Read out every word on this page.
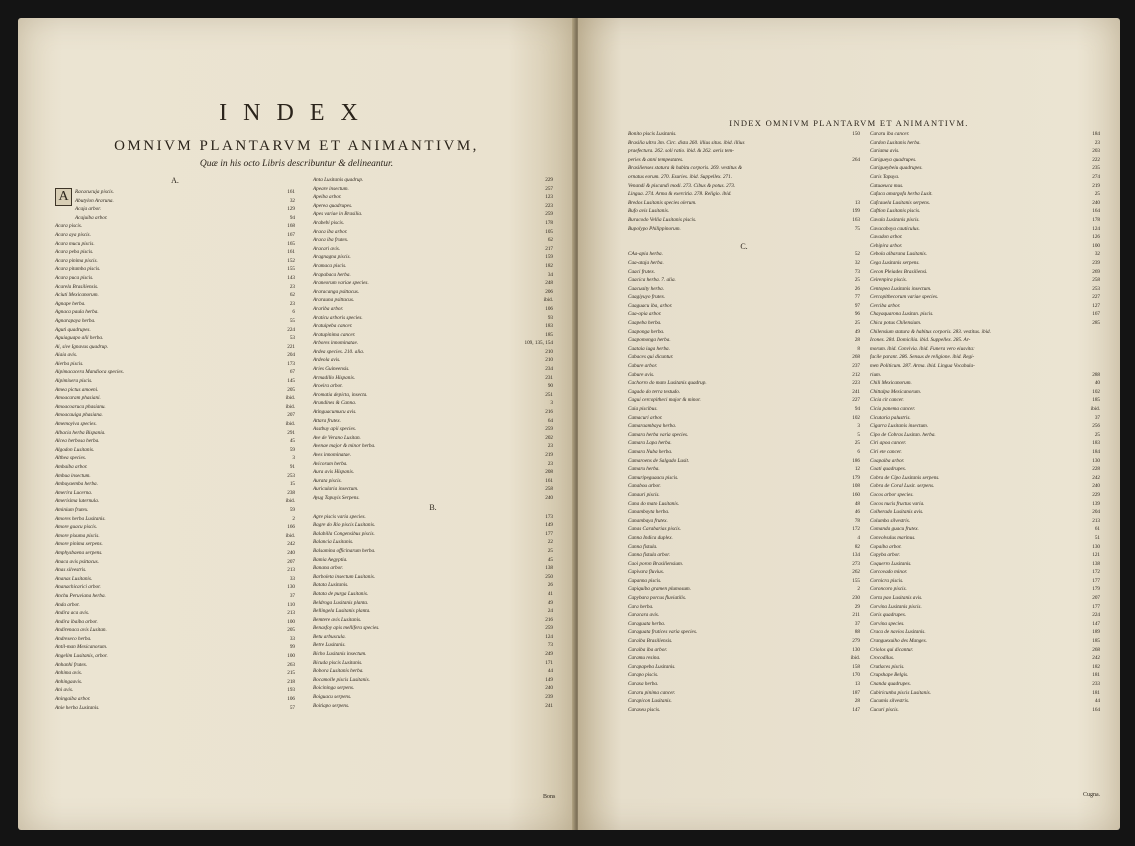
INDEX
OMNIVM PLANTARVM ET ANIMANTIVM,
Quæ in his octo Libris describuntur & delineantur.
A.
A	Racacucuja piscis.	161
Abutylon Araruna.	32
Acaja arbor.	129
Acajuiba arbor.	94
Acara piscis.	168
Acara aya piscis.	167
Acara mucu piscis.	165
Acara peba piscis.	161
Acara pinima piscis.	152
Acara pitamba piscis.	155
Acara puca piscis.	143
Acarela Brasiliensis.	23
Aciuti Mexicanorum.	62
Agnape herba.	23
Agnaca paula herba.	6
Agnarapaya herba.	55
Aguti quadrupes.	224
Aguiaguapo alii herba.	53
Ai, sive Ignavus quadrup.	221
Aiaia avis.	204
Aierba piscis.	173
Aipimacacera Mandioca species.	67
Aipimixera piscis.	145
Amea pictus amoeni.	205
Amoacaram phasiani.	ibid.
Amoacoaruca phasianu.	ibid.
Amoacauiga phasiana.	207
Amemoyiva species.	ibid.
Albacia herba Bispania.	291
Alcea herbosa herba.	45
Algodon Lusitanis.	59
Althea species.	3
Ambaiba arbor.	91
Ambua insectum.	253
Ambuyaemba herba.	15
Amerira Lucerna.	238
Amerisima luternula.	ibid.
Aminium frutex.	59
Amores herba Lusitanis.	2
Amore guacu piscis.	166
Amore pixuma piscis.	ibid.
Amore pinima serpens.	242
Amphysbaena serpens.	240
Anaca avis psittacus.	207
Anas silvestris.	213
Ananas Lusitanis.	33
Ananachicarici arbor.	130
Anchu Peruviana herba.	37
Anda arbor.	110
Andira aca avis.	213
Andira ibaiba arbor.	100
Andirenaca avis Lusitan.	205
Andreseco herba.	33
Antil-man Mexicanorum.	99
Angelim Lusitanis, arbor.	100
Anhanhi frutex.	263
Anhima avis.	215
Anhingaavis.	218
Ani avis.	193
Aningaiba arbor.	106
Anie herba Lusitanis.	57
Anta Lusitanis quadrup.	229
Apeare insectum.	257
Apeiba arbor.	123
Aperea quadrupes.	223
Apes variae in Brasilia.	259
Arabebi piscis.	178
Araca iba arbor.	105
Araca iba frutex.	62
Aracari avis.	217
Aragnagna piscis.	159
Aramaca piscis.	182
Arapabaca herba.	34
Araneorum variae species.	248
Araracanga psittacus.	206
Ararauna psittacus.	ibid.
Arariba arbor.	106
Araticu arboris species.	93
Aratuipeba cancer.	183
Aratupinima cancer.	185
Arbores innominatae.	109, 135, 154
Ardea species. 210. alia.	210
Ardeola avis.	210
Aries Guineensis.	234
Armadillo Hispanis.	231
Aroeira arbor.	90
Aromatia depicta, insecta.	251
Arundines & Canna.	3
Atinguacumucu avis.	216
Attara frutex.	64
Asstbuy apii species.	259
Ave de Verano Lusitan.	202
Avenae major & minor herba.	23
Aves innominatae.	219
Avicorum herba.	23
Aura avis Hispanis.	208
Aurata piscis.	161
Auricularia insectum.	258
Ayug Tapuyis Serpens.	240
B.
Agre piscis varia species.	173
Bagre do Rio piscis Lusitanis.	149
Balabilla Congensibus piscis.	177
Balancia Lusitanis.	22
Balsamina officinarum herba.	25
Bamia Aegyptia.	45
Banana arbor.	138
Barboleta insectum Lusitanis.	250
Batata Lusitanis.	26
Batata de purga Lusitanis.	41
Beldroga Lusitanis planta.	49
Bellingela Lusitanis planta.	24
Bemtere avis Lusitanis.	216
Benasfoy apis mellifera species.	259
Betu arbuscula.	124
Betre Lusitanis.	73
Bicho Lusitanis insectum.	249
Bicuda piscis Lusitanis.	171
Bobora Lusitanis herba.	44
Bocamolle piscis Lusitanis.	149
Boicininga serpens.	240
Boiguacu serpens.	239
Boitiapo serpens.	241
Bons
INDEX OMNIVM PLANTARVM ET ANIMANTIVM.
Bonito piscis Lusitanis.	150
Brasilia ultra 3m. Circ. dista 260. illius situs. ibid. illius
praefectura. 262. soli ratio. ibid. & 262. aeris tem-
peries & anni tempestates.	264
Brasilienses statura & habitu corporis. 269. vestitus &
ornatus eorum. 270. Esuries. ibid. Suppellex. 271.
Venandi & piscandi modi. 273. Cibus & potus. 273.
Lingua. 274. Arma & exercitia. 278. Religio. ibid.
Bredos Lusitanis species olerum.	13
Bufo avis Lusitanis.	199
Buracodo Vellia Lusitanis piscis.	163
Bupolypo Philippinorum.	75
CAa-apia herba.	52
Caa-ataja herba.	32
Caaci frutex.	73
Caacica herba. 7. alia.	25
Caacuaity herba.	26
Caagiyuyo frutex.	77
Caaguacu iba, arbor.	97
Caa-opia arbor.	96
Caapeba herba.	25
Caaponga herba.	49
Caapomonga herba.	28
Caataia iuga herba.	8
Cabaces qui dicuntur.	268
Cabure arbor.	237
Cabure avis.	212
Cachorro do mato Lusitanis quadrup.	223
Cagado do terra testudo.	241
Cagui cercopitheci major & minor.	227
Caia piscibus.	94
Camacuri arbor.	102
Camaraambaya herba.	3
Camara herba varia species.	5
Camara Lapa herba.	25
Camara Nuba herba.	6
Camaroens de Salgado Lusit.	186
Camaru herba.	12
Camuripeguaacu piscis.	179
Canabou arbor.	108
Canauri piscis.	160
Cana do mato Lusitanis.	48
Canamboyta herba.	46
Canambaya frutex.	78
Canas Carabarias piscis.	172
Canna Indica duplex.	4
Canna fistula.	82
Canna fistula arbor.	134
Caoi poron Brasiliensium.	273
Capivara fluvius.	262
Capanna piscis.	155
Capiquiba gramen plumosum.	2
Capybara porcus fluviatilis.	230
Cara herba.	29
Caracara avis.	211
Caraguata herba.	37
Caraguata frutices varia species.	88
Caraiba Brasiliensis.	279
Caraiba iba arbor.	130
Caramu resina.	ibid.
Carapapeba Lusitanis.	158
Carapo piscis.	170
Caraxa herba.	13
Cararu pinima cancer.	187
Carapicon Lusitanis.	28
Caraxeu piscis.	147
C.
Cararu iba cancer.	184
Cardon Lusitanis herba.	23
Cariama avis.	203
Carigueya quadrupes.	222
Carigueybeiu quadrupes.	235
Caris Tapuya.	274
Catuaeuca mus.	219
Cafaca amargofa herba Lusit.	25
Cafcauela Lusitanis serpens.	240
Caftlon Lusitanis piscis.	164
Cavala Lusitanis piscis.	178
Cavacaboya cauticulus.	124
Cavadon arbor.	126
Cebipira arbor.	100
Cebola albarana Lusitanis.	32
Cega Lusitanis serpens.	239
Cecon Pleiades Brasiliensi.	269
Ceirenpira piscis.	258
Centopea Lusitanis insectum.	253
Cercopithecorum variae species.	227
Cerciba arbor.	127
Chayaquarona Lusitan. piscis.	167
Chica potus Chilensium.	285
Chilensium statura & habitus corporis. 283. vestitus. ibid.
Icones. 284. Domicilia. ibid. Suppellex. 285. Ar-
morum. ibid. Convivia. ibid. Funera vero eiusvita:
facile parant. 286. Sensus de religione. ibid. Regi-
men Politicum. 287. Arma. ibid. Lingua Vocabula-
rium.	288
Chili Mexicanorum.	40
Chittalpa Mexicanorum.	102
Cicia cit cancer.	185
Cicia panema cancer.	ibid.
Cicutaria palustris.	37
Cigarra Lusitanis insectum.	256
Cipo de Cobras Lusitan. herba.	25
Ciri apoa cancer.	183
Ciri ete cancer.	184
Coapaiba arbor.	130
Coati quadrupes.	228
Cobra de Cipo Lusitanis serpens.	242
Cobra de Coral Lusit. serpens.	240
Cocos arbor species.	229
Cocos nucis fructus varia.	139
Colherado Lusitanis avis.	204
Columba silvestris.	213
Comanda guacu frutex.	61
Convolvulus marinus.	51
Copaiba arbor.	130
Copyba arbor.	121
Coquerro Lusitanis.	138
Corcovado minor.	172
Cornicra piscis.	177
Coroncoro piscis.	179
Corta pao Lusitanis avis.	207
Corvina Lusitanis piscis.	177
Coris quadrupes.	224
Corvina species.	147
Craca de navios Lusitanis.	189
Cranguexuiho des Manges.	185
Criolos qui dicantur.	268
Crocodilus.	242
Crutlaces piscis.	182
Crupshape Belgis.	181
Cnanda quadrupes.	233
Cubiricunha piscis Lusitanis.	181
Cucumis silvestris.	44
Cucuri piscis.	164
Cugna.
